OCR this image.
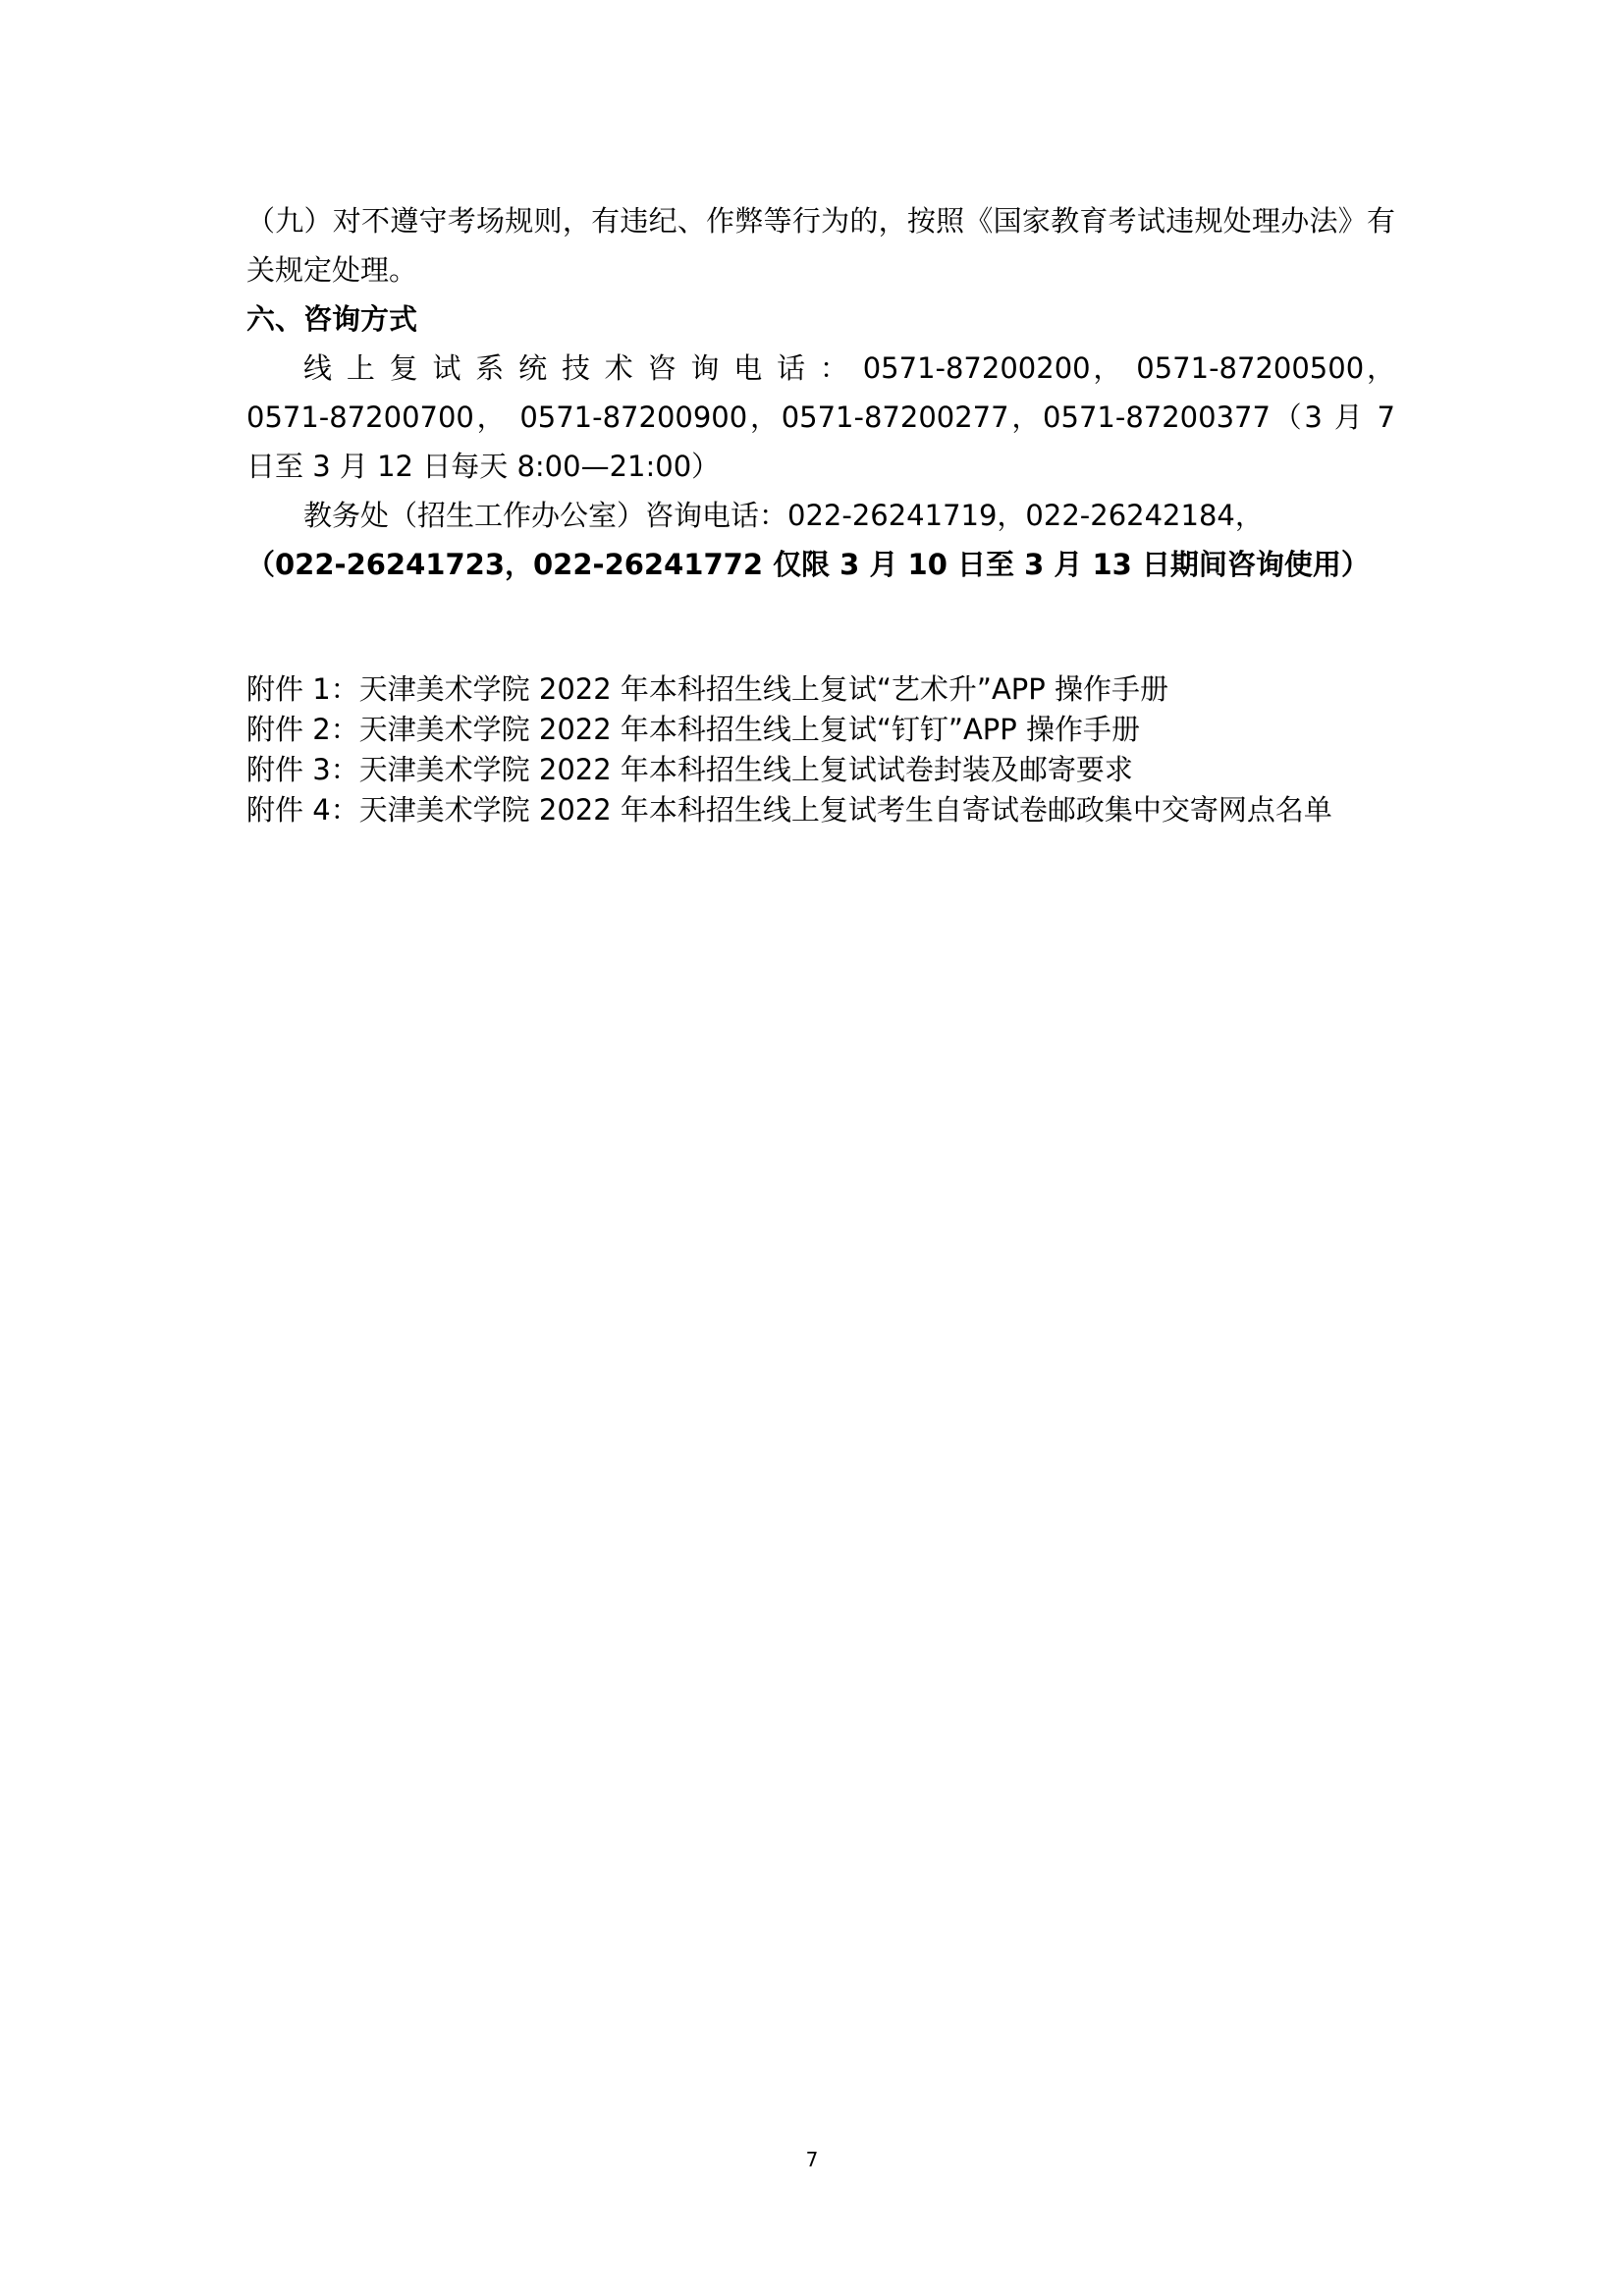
（九）对不遵守考场规则，有违纪、作弊等行为的，按照《国家教育考试违规处理办法》有关规定处理。

六、咨询方式

线上复试系统技术咨询电话：0571-87200200， 0571-87200500，0571-87200700， 0571-87200900，0571-87200277，0571-87200377（3 月 7 日至 3 月 12 日每天 8:00—21:00）

教务处（招生工作办公室）咨询电话：022-26241719，022-26242184，

（022-26241723，022-26241772 仅限 3 月 10 日至 3 月 13 日期间咨询使用）

附件 1：天津美术学院 2022 年本科招生线上复试“艺术升”APP 操作手册

附件 2：天津美术学院 2022 年本科招生线上复试“钉钉”APP 操作手册

附件 3：天津美术学院 2022 年本科招生线上复试试卷封装及邮寄要求

附件 4：天津美术学院 2022 年本科招生线上复试考生自寄试卷邮政集中交寄网点名单

7
